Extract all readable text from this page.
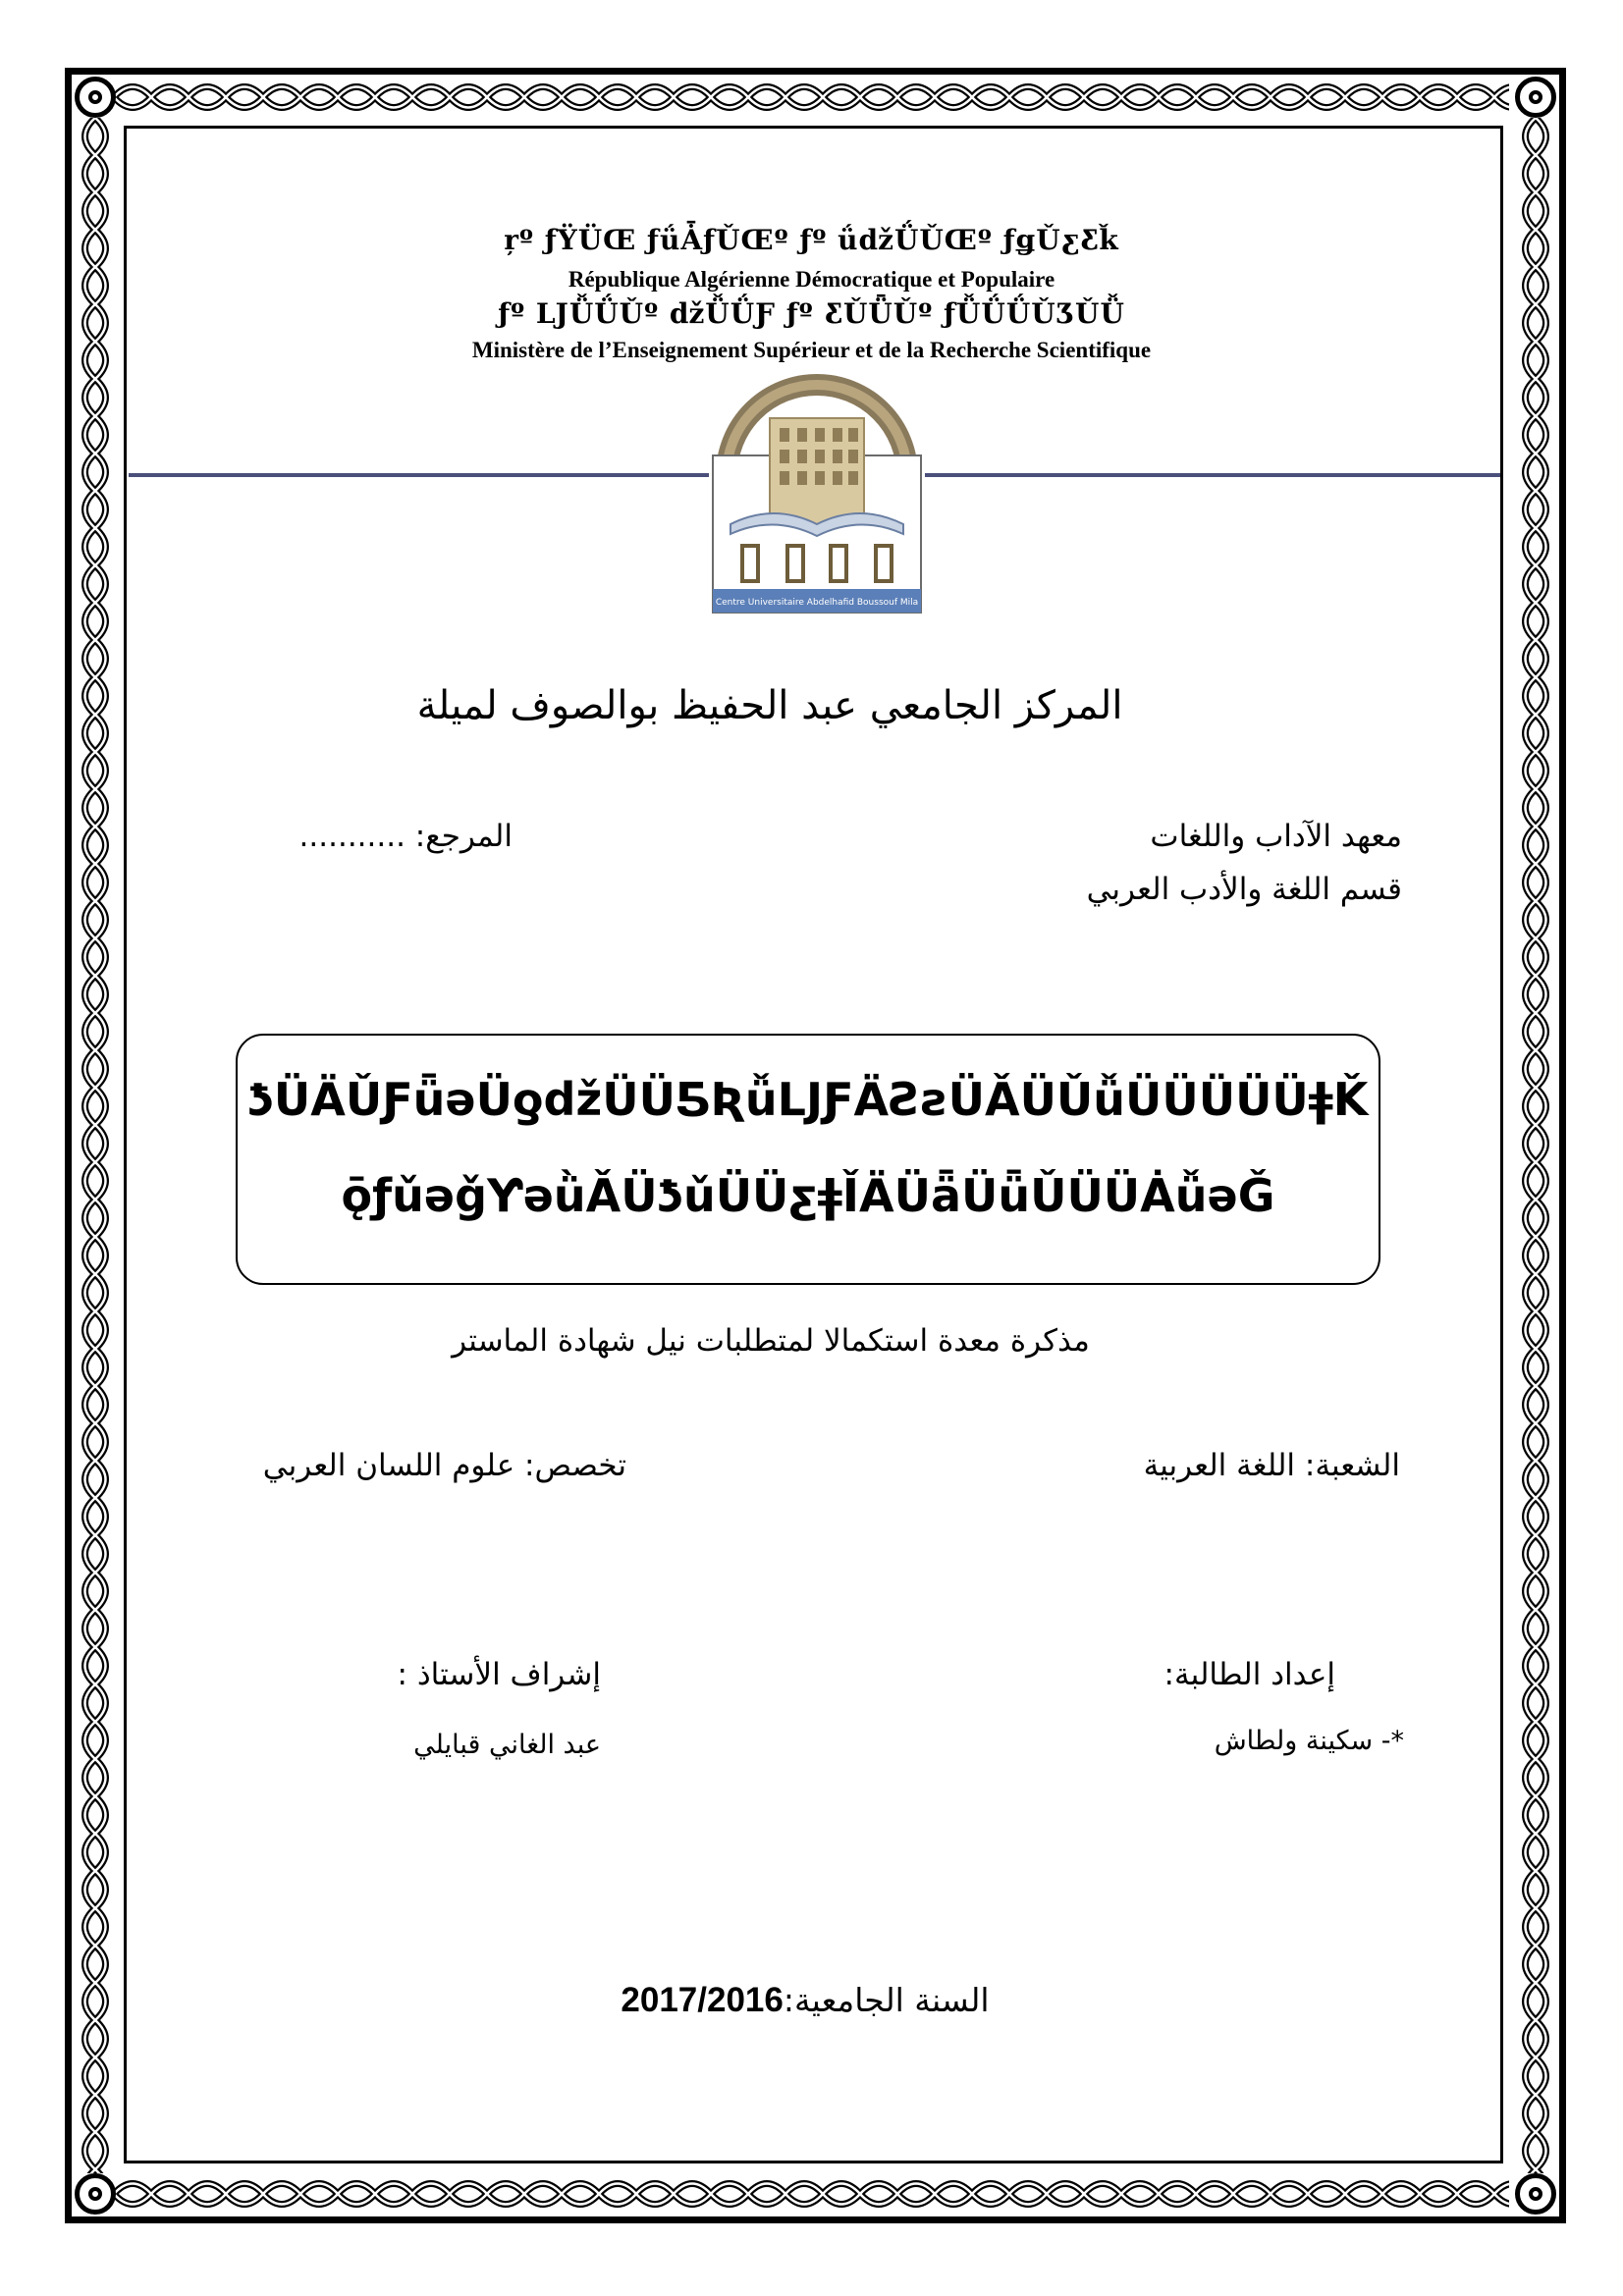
ŗº ƒŸÜŒ ƒǘǠƒǓŒº ƒº ǘǆǗǓŒº ƒǥǓƹƸǩ
République Algérienne Démocratique et Populaire
ƒº ǇǙǗǓº ǆǙǗƑ ƒº ƸǓǕǓº ƒǙǗǗǓƷǓǙ
Ministère de l’Enseignement Supérieur et de la Recherche Scientifique
Centre Universitaire Abdelhafid Boussouf Mila
المركز الجامعي عبد الحفيظ بوالصوف لميلة
معهد الآداب واللغات
قسم اللغة والأدب العربي
المرجع: ...........
ƾǙǞǓƑǖǝǗƍǆǕǛƼƦǚǇƑǞƧƨǗǍǛǓǚǗǛǕǗǛǂǨ
ǭƒǔǝǧƳǝǜǍǛƾǔǗǗƹǂǏǞǗǟǛǖǓǗǛǠǚǝǦ
مذكرة معدة استكمالا لمتطلبات نيل شهادة الماستر
الشعبة: اللغة العربية
تخصص: علوم اللسان العربي
إعداد الطالبة:
إشراف الأستاذ :
*- سكينة ولطاش
عبد الغاني قبايلي
2017/2016السنة الجامعية:
